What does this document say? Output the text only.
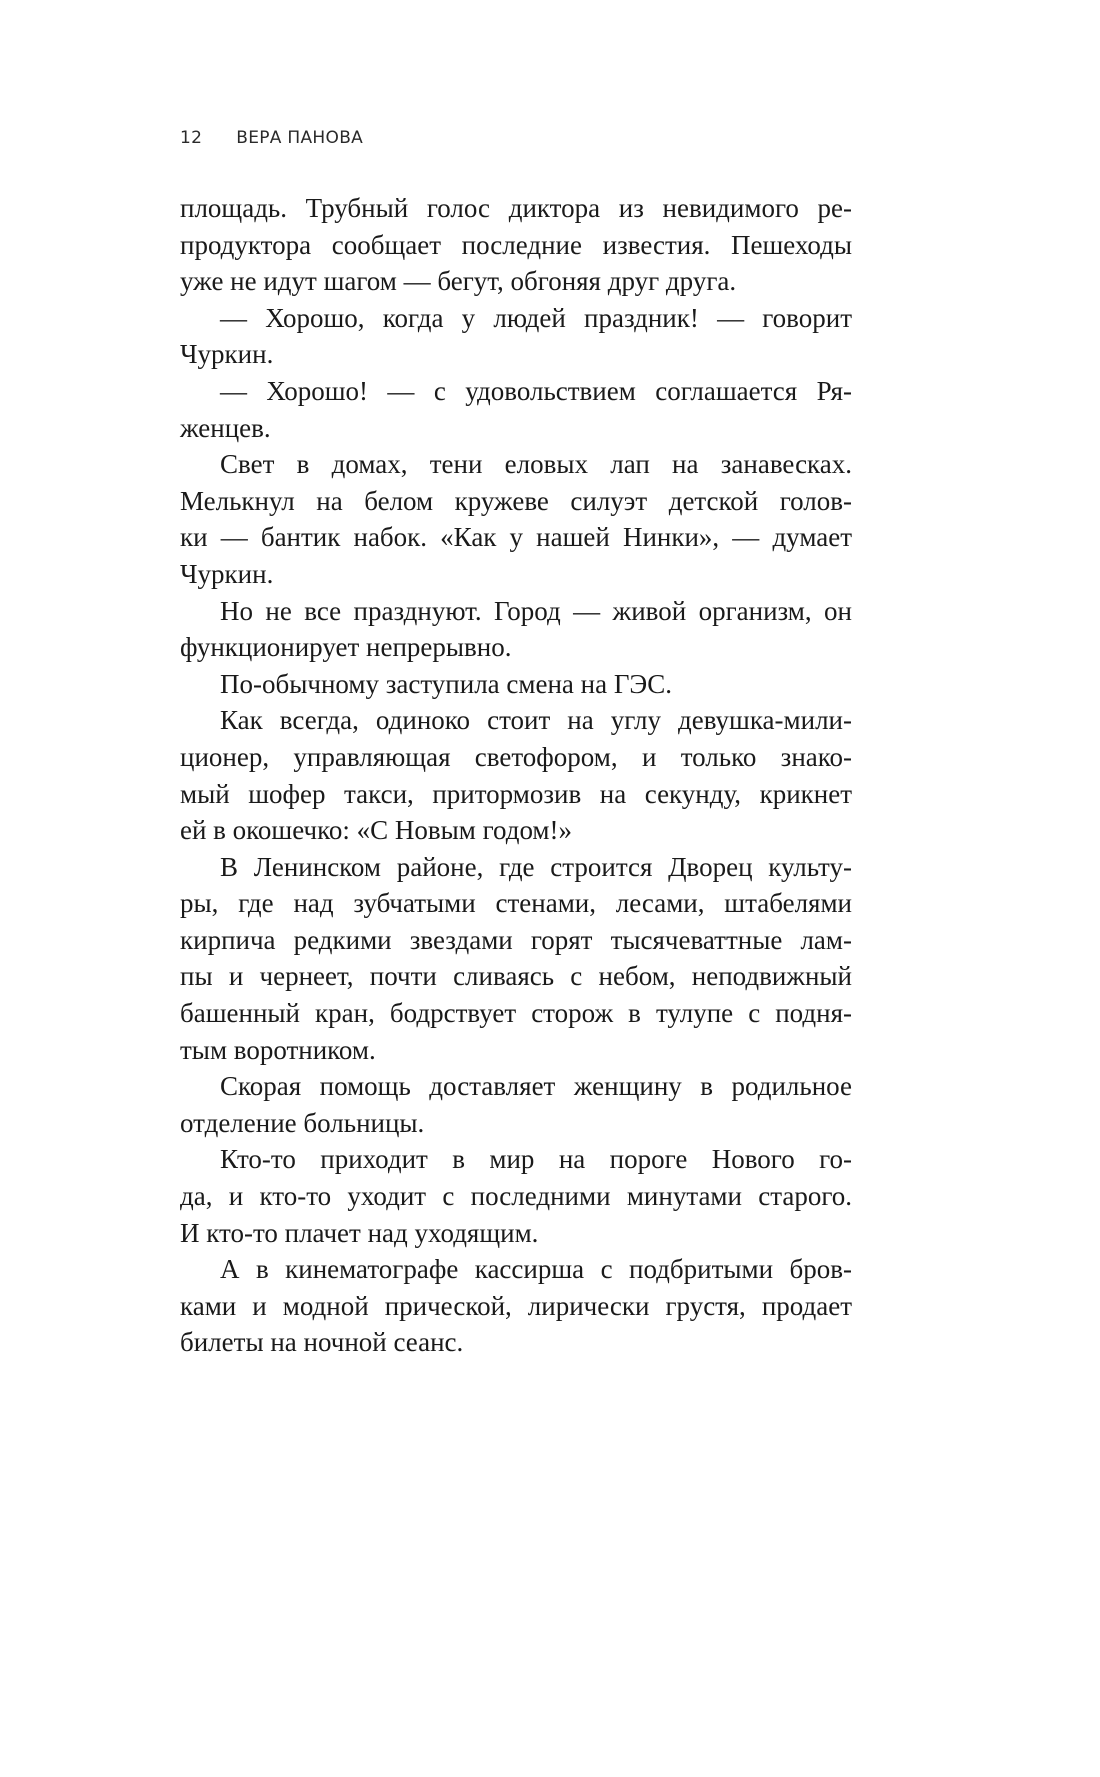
12 ВЕРА ПАНОВА
площадь. Трубный голос диктора из невидимого ре-
продуктора сообщает последние известия. Пешеходы
уже не идут шагом — бегут, обгоняя друг друга.
— Хорошо, когда у людей праздник! — говорит
Чуркин.
— Хорошо! — с удовольствием соглашается Ря-
женцев.
Свет в домах, тени еловых лап на занавесках.
Мелькнул на белом кружеве силуэт детской голов-
ки — бантик набок. «Как у нашей Нинки», — думает
Чуркин.
Но не все празднуют. Город — живой организм, он
функционирует непрерывно.
По-обычному заступила смена на ГЭС.
Как всегда, одиноко стоит на углу девушка-мили-
ционер, управляющая светофором, и только знако-
мый шофер такси, притормозив на секунду, крикнет
ей в окошечко: «С Новым годом!»
В Ленинском районе, где строится Дворец культу-
ры, где над зубчатыми стенами, лесами, штабелями
кирпича редкими звездами горят тысячеваттные лам-
пы и чернеет, почти сливаясь с небом, неподвижный
башенный кран, бодрствует сторож в тулупе с подня-
тым воротником.
Скорая помощь доставляет женщину в родильное
отделение больницы.
Кто-то приходит в мир на пороге Нового го-
да, и кто-то уходит с последними минутами старого.
И кто-то плачет над уходящим.
А в кинематографе кассирша с подбритыми бров-
ками и модной прической, лирически грустя, продает
билеты на ночной сеанс.
